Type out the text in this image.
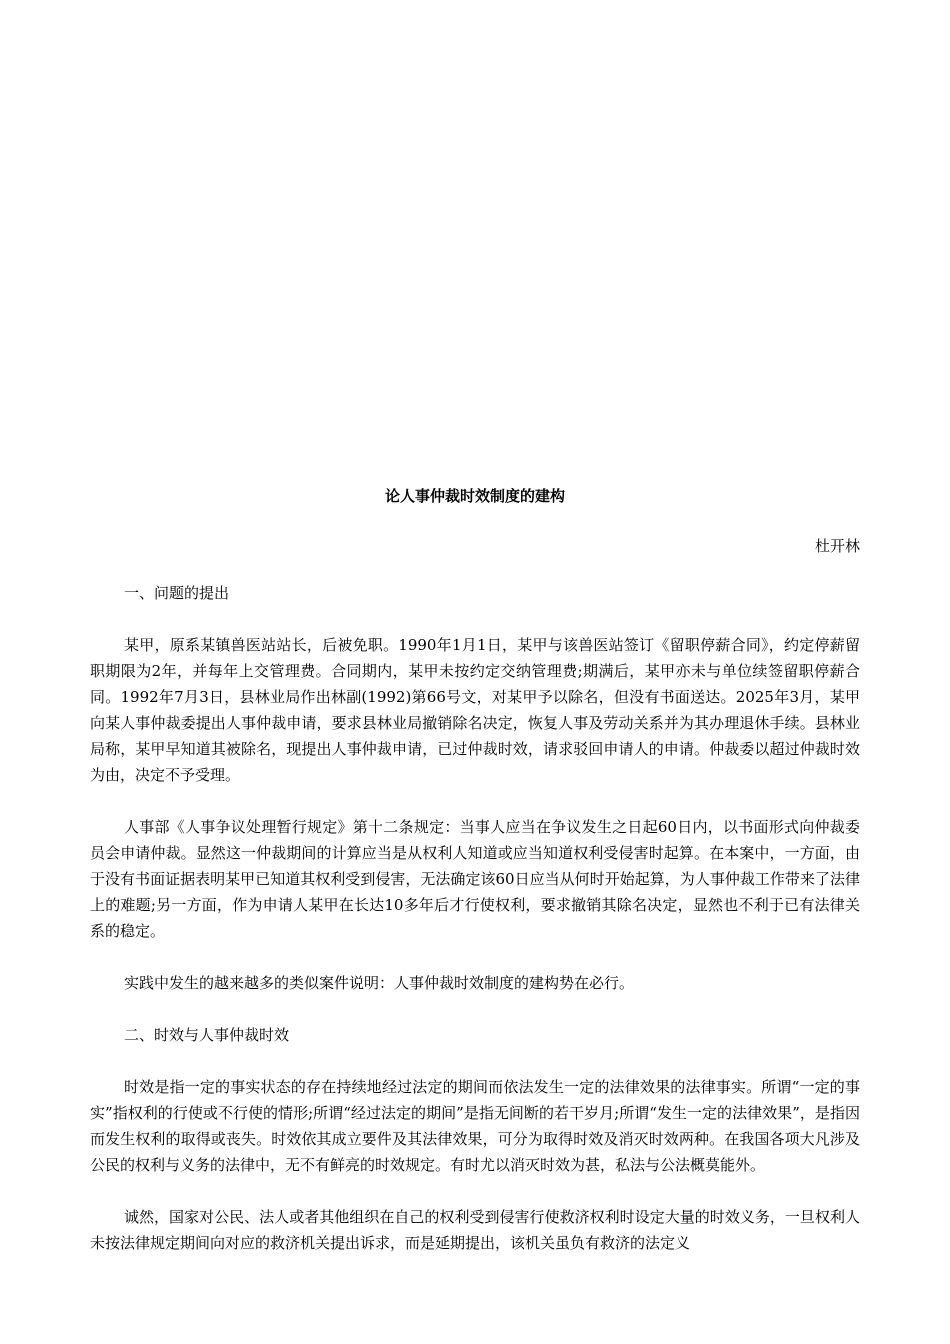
论人事仲裁时效制度的建构
杜开林

一、问题的提出

某甲，原系某镇兽医站站长，后被免职。1990年1月1日，某甲与该兽医站签订《留职停薪合同》，约定停薪留职期限为2年，并每年上交管理费。合同期内，某甲未按约定交纳管理费;期满后，某甲亦未与单位续签留职停薪合同。1992年7月3日，县林业局作出林副(1992)第66号文，对某甲予以除名，但没有书面送达。2025年3月，某甲向某人事仲裁委提出人事仲裁申请，要求县林业局撤销除名决定，恢复人事及劳动关系并为其办理退休手续。县林业局称，某甲早知道其被除名，现提出人事仲裁申请，已过仲裁时效，请求驳回申请人的申请。仲裁委以超过仲裁时效为由，决定不予受理。

人事部《人事争议处理暂行规定》第十二条规定：当事人应当在争议发生之日起60日内，以书面形式向仲裁委员会申请仲裁。显然这一仲裁期间的计算应当是从权利人知道或应当知道权利受侵害时起算。在本案中，一方面，由于没有书面证据表明某甲已知道其权利受到侵害，无法确定该60日应当从何时开始起算，为人事仲裁工作带来了法律上的难题;另一方面，作为申请人某甲在长达10多年后才行使权利，要求撤销其除名决定，显然也不利于已有法律关系的稳定。

实践中发生的越来越多的类似案件说明：人事仲裁时效制度的建构势在必行。

二、时效与人事仲裁时效

时效是指一定的事实状态的存在持续地经过法定的期间而依法发生一定的法律效果的法律事实。所谓“一定的事实”指权利的行使或不行使的情形;所谓“经过法定的期间”是指无间断的若干岁月;所谓“发生一定的法律效果”，是指因而发生权利的取得或丧失。时效依其成立要件及其法律效果，可分为取得时效及消灭时效两种。在我国各项大凡涉及公民的权利与义务的法律中，无不有鲜亮的时效规定。有时尤以消灭时效为甚，私法与公法概莫能外。

诚然，国家对公民、法人或者其他组织在自己的权利受到侵害行使救济权利时设定大量的时效义务，一旦权利人未按法律规定期间向对应的救济机关提出诉求，而是延期提出，该机关虽负有救济的法定义
